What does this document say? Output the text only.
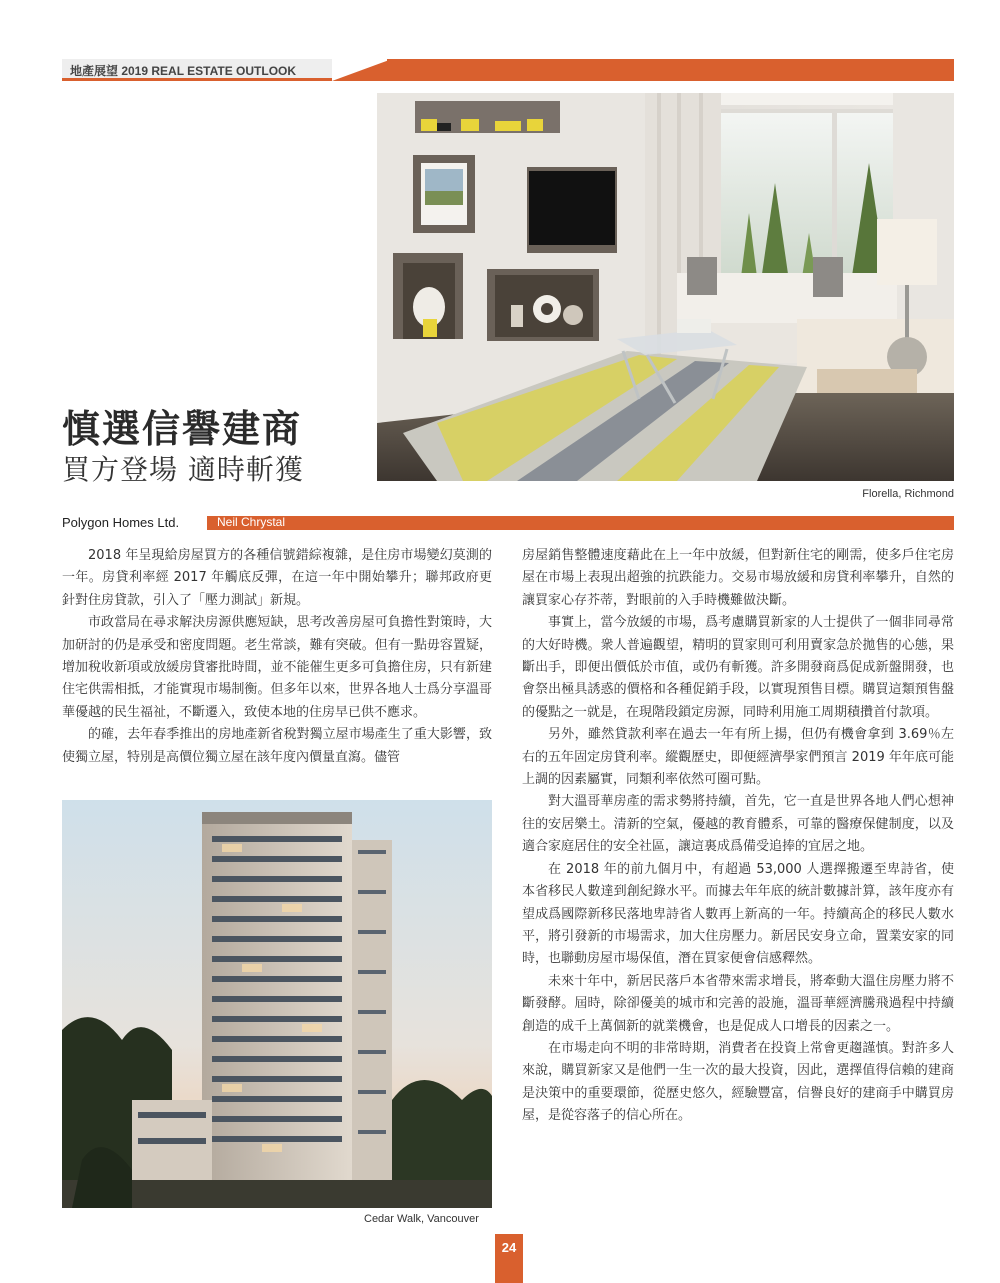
地產展望 2019 REAL ESTATE OUTLOOK
Florella, Richmond
慎選信譽建商
買方登場 適時斬獲
Polygon Homes Ltd.	Neil Chrystal

2018 年呈現給房屋買方的各種信號錯綜複雜，是住房市場變幻莫測的一年。房貸利率經 2017 年觸底反彈，在這一年中開始攀升；聯邦政府更針對住房貸款，引入了「壓力測試」新規。

市政當局在尋求解決房源供應短缺，思考改善房屋可負擔性對策時，大加研討的仍是承受和密度問題。老生常談，難有突破。但有一點毋容置疑，增加稅收新項或放緩房貸審批時間，並不能催生更多可負擔住房，只有新建住宅供需相抵，才能實現市場制衡。但多年以來，世界各地人士爲分享溫哥華優越的民生福祉，不斷遷入，致使本地的住房早已供不應求。

的確，去年春季推出的房地產新省稅對獨立屋市場產生了重大影響，致使獨立屋，特別是高價位獨立屋在該年度內價量直瀉。儘管

Cedar Walk, Vancouver

房屋銷售整體速度藉此在上一年中放緩，但對新住宅的剛需，使多戶住宅房屋在市場上表現出超強的抗跌能力。交易市場放緩和房貸利率攀升，自然的讓買家心存芥蒂，對眼前的入手時機難做決斷。

事實上，當今放緩的市場，爲考慮購買新家的人士提供了一個非同尋常的大好時機。衆人普遍觀望，精明的買家則可利用賣家急於拋售的心態，果斷出手，即便出價低於市值，或仍有斬獲。許多開發商爲促成新盤開發，也會祭出極具誘惑的價格和各種促銷手段，以實現預售目標。購買這類預售盤的優點之一就是，在現階段鎖定房源，同時利用施工周期積攢首付款項。

另外，雖然貸款利率在過去一年有所上揚，但仍有機會拿到 3.69％左右的五年固定房貸利率。縱觀歷史，即便經濟學家們預言 2019 年年底可能上調的因素屬實，同類利率依然可圈可點。

對大溫哥華房產的需求勢將持續，首先，它一直是世界各地人們心想神往的安居樂土。清新的空氣，優越的教育體系，可靠的醫療保健制度，以及適合家庭居住的安全社區，讓這裏成爲備受追捧的宜居之地。

在 2018 年的前九個月中，有超過 53,000 人選擇搬遷至卑詩省，使本省移民人數達到創紀錄水平。而據去年年底的統計數據計算，該年度亦有望成爲國際新移民落地卑詩省人數再上新高的一年。持續高企的移民人數水平，將引發新的市場需求，加大住房壓力。新居民安身立命，置業安家的同時，也聯動房屋市場保值，潛在買家便會信感釋然。

未來十年中，新居民落戶本省帶來需求增長，將牽動大溫住房壓力將不斷發酵。屆時，除卻優美的城市和完善的設施，溫哥華經濟騰飛過程中持續創造的成千上萬個新的就業機會，也是促成人口增長的因素之一。

在市場走向不明的非常時期，消費者在投資上常會更趨謹慎。對許多人來說，購買新家又是他們一生一次的最大投資，因此，選擇值得信賴的建商是決策中的重要環節，從歷史悠久，經驗豐富，信譽良好的建商手中購買房屋，是從容落子的信心所在。

24
